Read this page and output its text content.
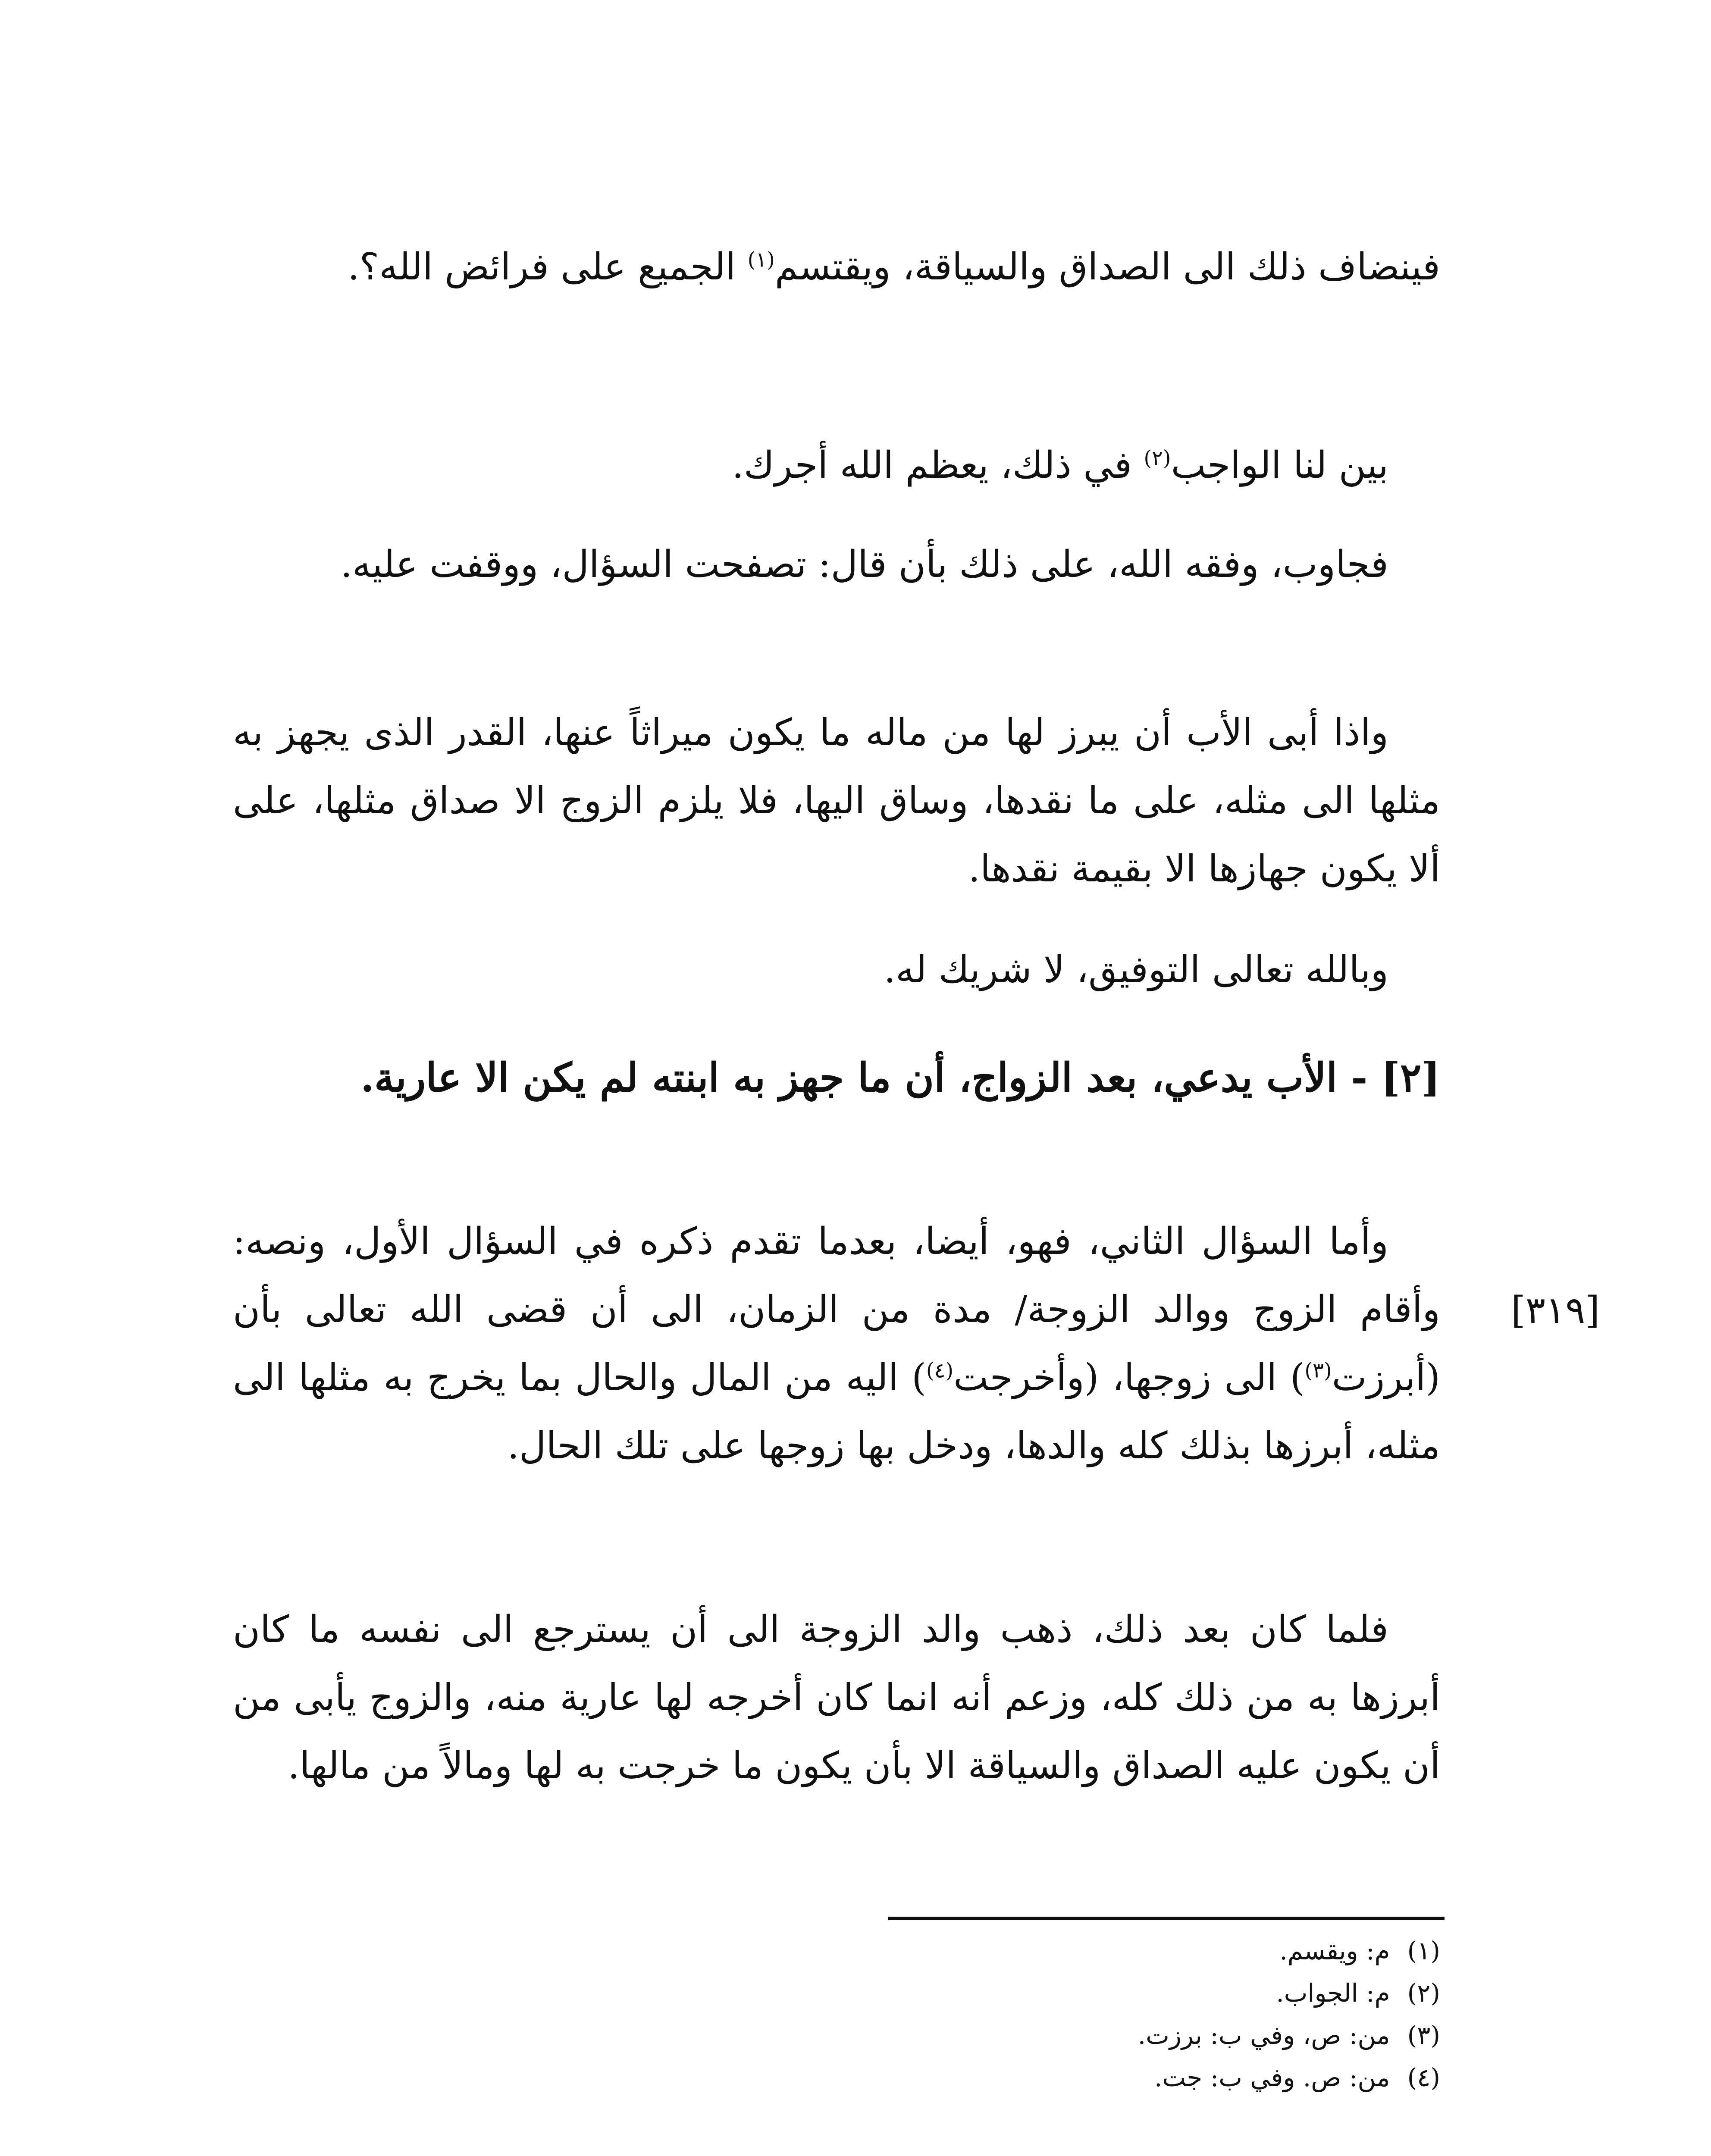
فينضاف ذلك الى الصداق والسياقة، ويقتسم$^{(١)}$ الجميع على فرائض الله؟.

بين لنا الواجب$^{(٢)}$ في ذلك، يعظم الله أجرك.

فجاوب، وفقه الله، على ذلك بأن قال: تصفحت السؤال، ووقفت عليه.

واذا أبى الأب أن يبرز لها من ماله ما يكون ميراثاً عنها، القدر الذى يجهز به مثلها الى مثله، على ما نقدها، وساق اليها، فلا يلزم الزوج الا صداق مثلها، على ألا يكون جهازها الا بقيمة نقدها.

وبالله تعالى التوفيق، لا شريك له.

[٢] - الأب يدعي، بعد الزواج، أن ما جهز به ابنته لم يكن الا عارية.

[٣١٩]

وأما السؤال الثاني، فهو، أيضا، بعدما تقدم ذكره في السؤال الأول، ونصه: وأقام الزوج ووالد الزوجة/ مدة من الزمان، الى أن قضى الله تعالى بأن (أبرزت$^{(٣)}$) الى زوجها، (وأخرجت$^{(٤)}$) اليه من المال والحال بما يخرج به مثلها الى مثله، أبرزها بذلك كله والدها، ودخل بها زوجها على تلك الحال.

فلما كان بعد ذلك، ذهب والد الزوجة الى أن يسترجع الى نفسه ما كان أبرزها به من ذلك كله، وزعم أنه انما كان أخرجه لها عارية منه، والزوج يأبى من أن يكون عليه الصداق والسياقة الا بأن يكون ما خرجت به لها ومالاً من مالها.

(١)م: ويقسم.
(٢)م: الجواب.
(٣)من: ص، وفي ب: برزت.
(٤)من: ص. وفي ب: جت.
